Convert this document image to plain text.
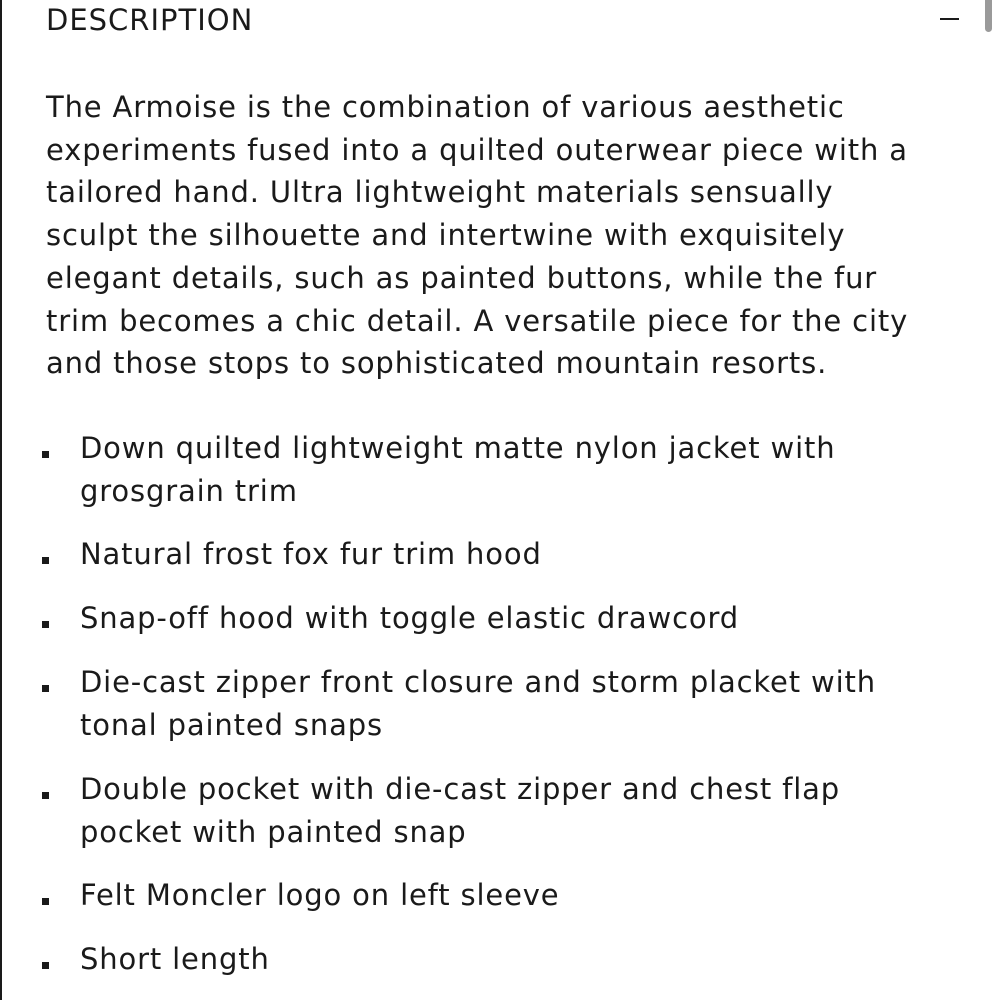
DESCRIPTION

The Armoise is the combination of various aesthetic
experiments fused into a quilted outerwear piece with a
tailored hand. Ultra lightweight materials sensually
sculpt the silhouette and intertwine with exquisitely
elegant details, such as painted buttons, while the fur
trim becomes a chic detail. A versatile piece for the city
and those stops to sophisticated mountain resorts.

Down quilted lightweight matte nylon jacket with
grosgrain trim
Natural frost fox fur trim hood
Snap-off hood with toggle elastic drawcord
Die-cast zipper front closure and storm placket with
tonal painted snaps
Double pocket with die-cast zipper and chest flap
pocket with painted snap
Felt Moncler logo on left sleeve
Short length
